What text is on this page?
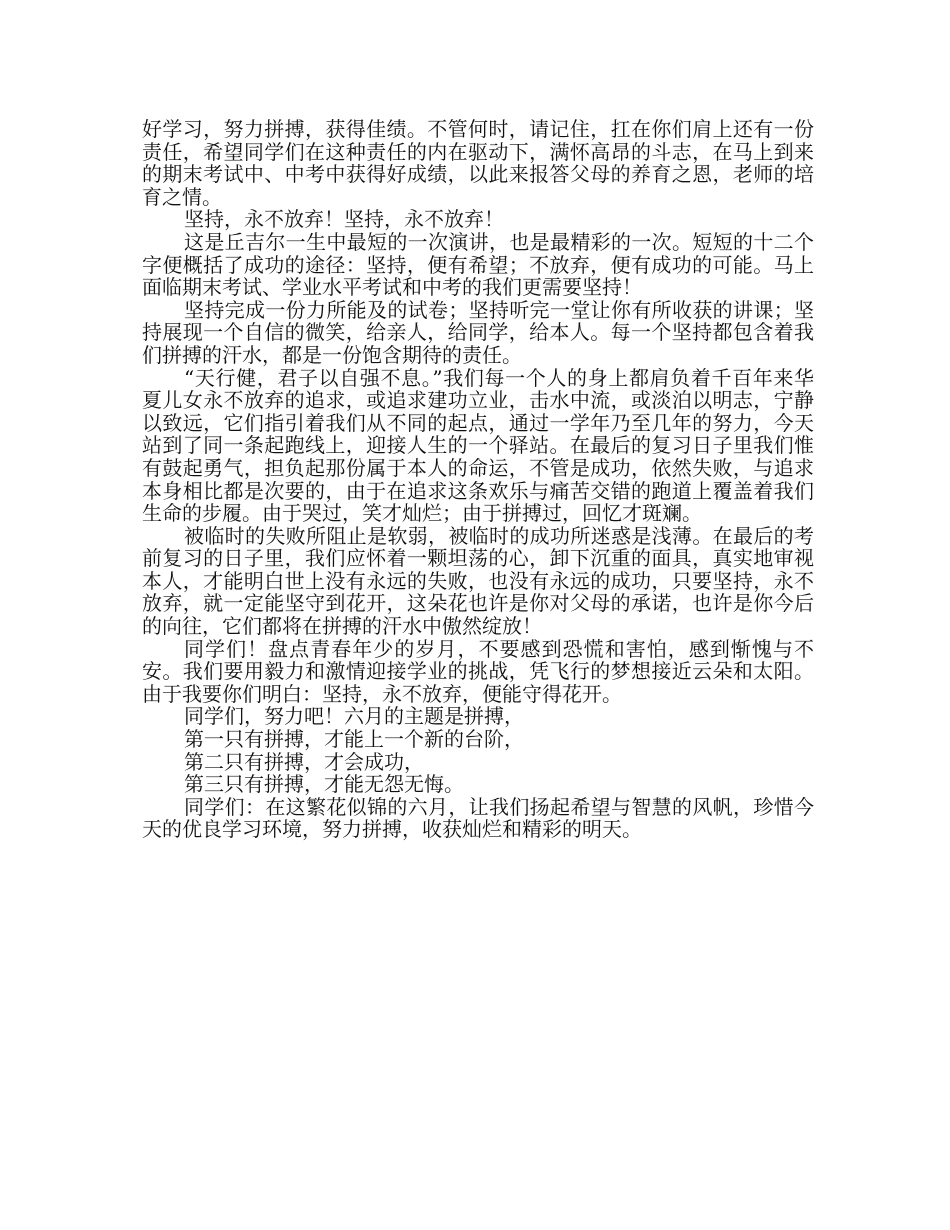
好学习，努力拼搏，获得佳绩。不管何时，请记住，扛在你们肩上还有一份责任，希望同学们在这种责任的内在驱动下，满怀高昂的斗志，在马上到来的期末考试中、中考中获得好成绩，以此来报答父母的养育之恩，老师的培育之情。

坚持，永不放弃！坚持，永不放弃！

这是丘吉尔一生中最短的一次演讲，也是最精彩的一次。短短的十二个字便概括了成功的途径：坚持，便有希望；不放弃，便有成功的可能。马上面临期末考试、学业水平考试和中考的我们更需要坚持！

坚持完成一份力所能及的试卷；坚持听完一堂让你有所收获的讲课；坚持展现一个自信的微笑，给亲人，给同学，给本人。每一个坚持都包含着我们拼搏的汗水，都是一份饱含期待的责任。

“天行健，君子以自强不息。”我们每一个人的身上都肩负着千百年来华夏儿女永不放弃的追求，或追求建功立业，击水中流，或淡泊以明志，宁静以致远，它们指引着我们从不同的起点，通过一学年乃至几年的努力，今天站到了同一条起跑线上，迎接人生的一个驿站。在最后的复习日子里我们惟有鼓起勇气，担负起那份属于本人的命运，不管是成功，依然失败，与追求本身相比都是次要的，由于在追求这条欢乐与痛苦交错的跑道上覆盖着我们生命的步履。由于哭过，笑才灿烂；由于拼搏过，回忆才斑斓。

被临时的失败所阻止是软弱，被临时的成功所迷惑是浅薄。在最后的考前复习的日子里，我们应怀着一颗坦荡的心，卸下沉重的面具，真实地审视本人，才能明白世上没有永远的失败，也没有永远的成功，只要坚持，永不放弃，就一定能坚守到花开，这朵花也许是你对父母的承诺，也许是你今后的向往，它们都将在拼搏的汗水中傲然绽放！

同学们！盘点青春年少的岁月，不要感到恐慌和害怕，感到惭愧与不安。我们要用毅力和激情迎接学业的挑战，凭飞行的梦想接近云朵和太阳。由于我要你们明白：坚持，永不放弃，便能守得花开。

同学们，努力吧！六月的主题是拼搏，

第一只有拼搏，才能上一个新的台阶，

第二只有拼搏，才会成功，

第三只有拼搏，才能无怨无悔。

同学们：在这繁花似锦的六月，让我们扬起希望与智慧的风帆，珍惜今天的优良学习环境，努力拼搏，收获灿烂和精彩的明天。
